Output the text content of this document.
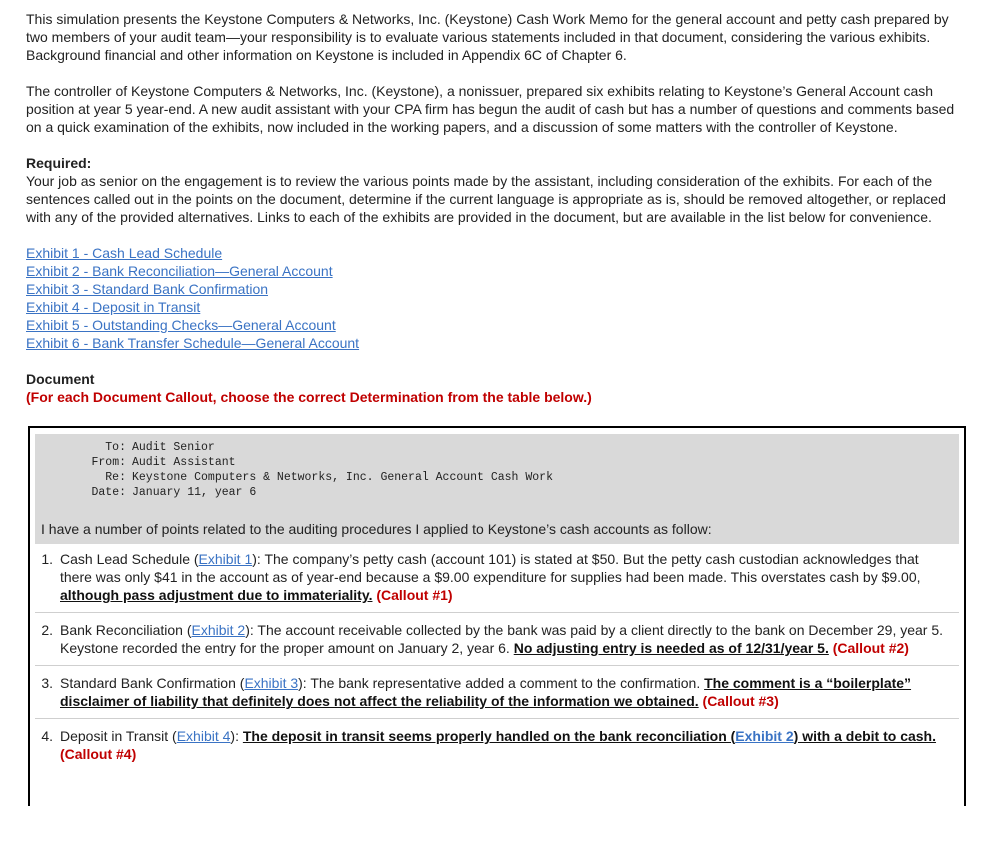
This simulation presents the Keystone Computers & Networks, Inc. (Keystone) Cash Work Memo for the general account and petty cash prepared by two members of your audit team—your responsibility is to evaluate various statements included in that document, considering the various exhibits. Background financial and other information on Keystone is included in Appendix 6C of Chapter 6.

The controller of Keystone Computers & Networks, Inc. (Keystone), a nonissuer, prepared six exhibits relating to Keystone’s General Account cash position at year 5 year-end. A new audit assistant with your CPA firm has begun the audit of cash but has a number of questions and comments based on a quick examination of the exhibits, now included in the working papers, and a discussion of some matters with the controller of Keystone.

Required:

Your job as senior on the engagement is to review the various points made by the assistant, including consideration of the exhibits. For each of the sentences called out in the points on the document, determine if the current language is appropriate as is, should be removed altogether, or replaced with any of the provided alternatives. Links to each of the exhibits are provided in the document, but are available in the list below for convenience.

Exhibit 1 - Cash Lead Schedule
Exhibit 2 - Bank Reconciliation—General Account
Exhibit 3 - Standard Bank Confirmation
Exhibit 4 - Deposit in Transit
Exhibit 5 - Outstanding Checks—General Account
Exhibit 6 - Bank Transfer Schedule—General Account
Document
(For each Document Callout, choose the correct Determination from the table below.)
To: Audit Senior
From: Audit Assistant
Re: Keystone Computers & Networks, Inc. General Account Cash Work
Date: January 11, year 6
I have a number of points related to the auditing procedures I applied to Keystone’s cash accounts as follow:
1. Cash Lead Schedule (Exhibit 1): The company’s petty cash (account 101) is stated at $50. But the petty cash custodian acknowledges that there was only $41 in the account as of year-end because a $9.00 expenditure for supplies had been made. This overstates cash by $9.00, although pass adjustment due to immateriality. (Callout #1)
2. Bank Reconciliation (Exhibit 2): The account receivable collected by the bank was paid by a client directly to the bank on December 29, year 5. Keystone recorded the entry for the proper amount on January 2, year 6. No adjusting entry is needed as of 12/31/year 5. (Callout #2)
3. Standard Bank Confirmation (Exhibit 3): The bank representative added a comment to the confirmation. The comment is a “boilerplate” disclaimer of liability that definitely does not affect the reliability of the information we obtained. (Callout #3)
4. Deposit in Transit (Exhibit 4): The deposit in transit seems properly handled on the bank reconciliation (Exhibit 2) with a debit to cash. (Callout #4)
